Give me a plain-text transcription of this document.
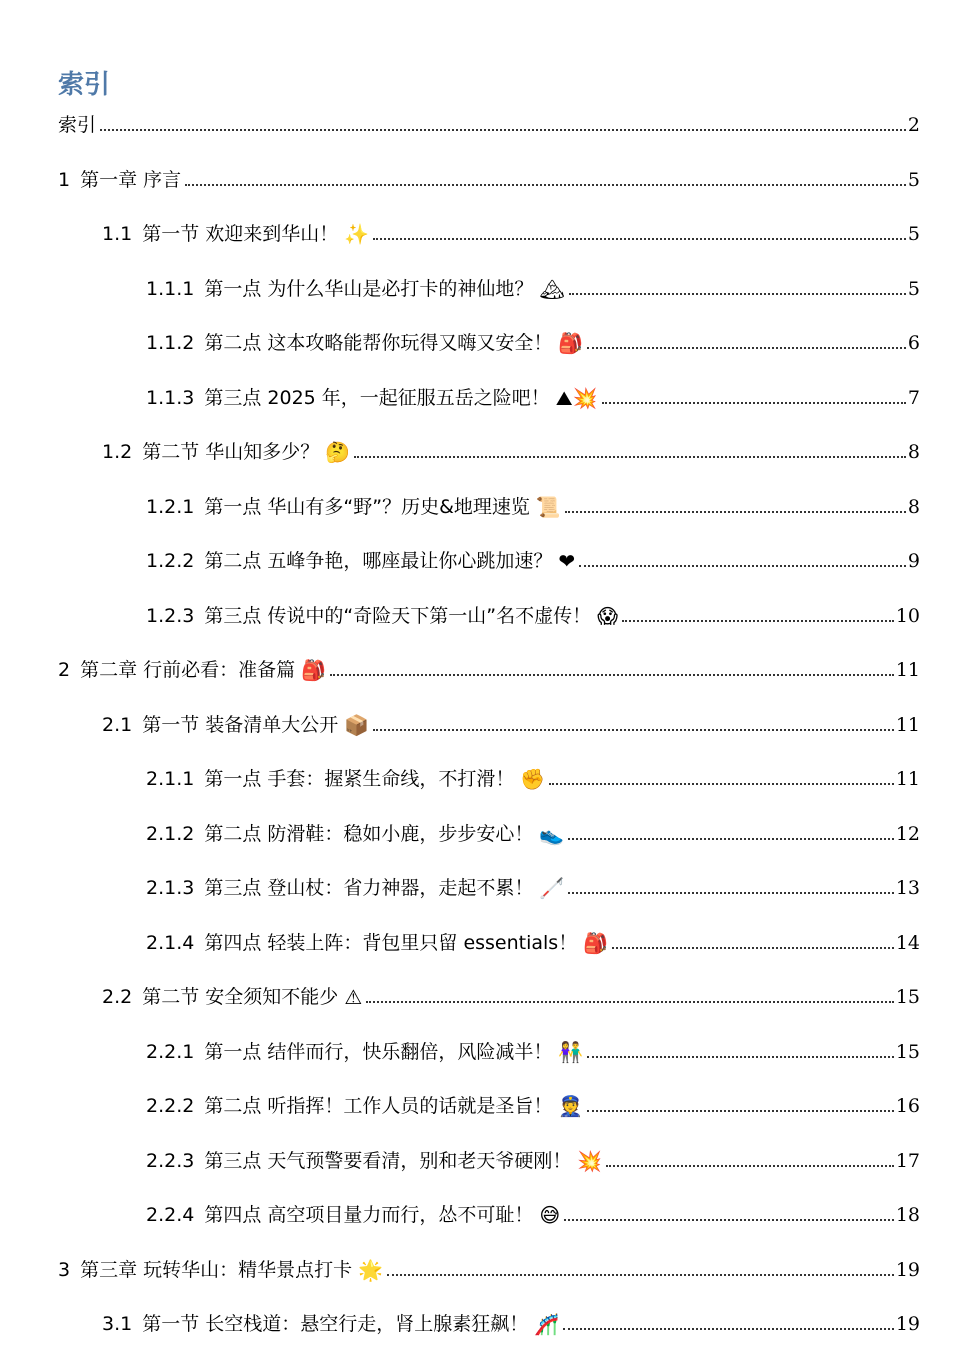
索引
索引	2
1 第一章 序言	5
1.1 第一节 欢迎来到华山！ ✨	5
1.1.1 第一点 为什么华山是必打卡的神仙地？ 🏔	5
1.1.2 第二点 这本攻略能帮你玩得又嗨又安全！ 🎒	6
1.1.3 第三点 2025 年，一起征服五岳之险吧！ ⛰💥	7
1.2 第二节 华山知多少？ 🤔	8
1.2.1 第一点 华山有多“野”？历史&地理速览 📜	8
1.2.2 第二点 五峰争艳，哪座最让你心跳加速？ ❤	9
1.2.3 第三点 传说中的“奇险天下第一山”名不虚传！ 😱	10
2 第二章 行前必看：准备篇 🎒	11
2.1 第一节 装备清单大公开 📦	11
2.1.1 第一点 手套：握紧生命线，不打滑！ ✊	11
2.1.2 第二点 防滑鞋：稳如小鹿，步步安心！ 👟	12
2.1.3 第三点 登山杖：省力神器，走起不累！ 🦯	13
2.1.4 第四点 轻装上阵：背包里只留 essentials！ 🎒	14
2.2 第二节 安全须知不能少 ⚠	15
2.2.1 第一点 结伴而行，快乐翻倍，风险减半！ 👫	15
2.2.2 第二点 听指挥！工作人员的话就是圣旨！ 👮	16
2.2.3 第三点 天气预警要看清，别和老天爷硬刚！ 💥	17
2.2.4 第四点 高空项目量力而行，怂不可耻！ 😅	18
3 第三章 玩转华山：精华景点打卡 🌟	19
3.1 第一节 长空栈道：悬空行走，肾上腺素狂飙！ 🎢	19
